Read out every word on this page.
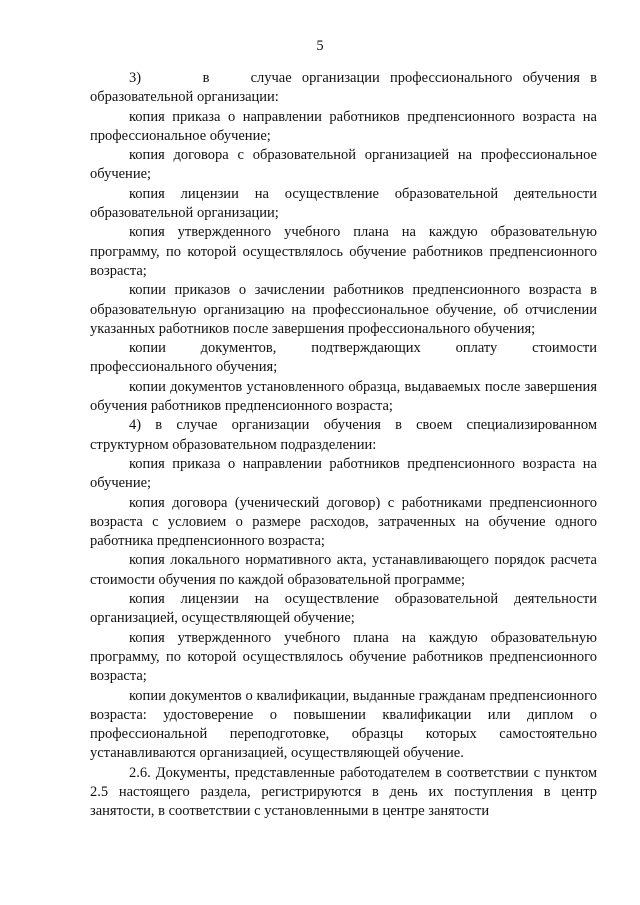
5

3)      в    случае организации профессионального обучения в образовательной организации:

копия приказа о направлении работников предпенсионного возраста на профессиональное обучение;

копия договора с образовательной организацией на профессиональное обучение;

копия лицензии на осуществление образовательной деятельности образовательной организации;

копия утвержденного учебного плана на каждую образовательную программу, по которой осуществлялось обучение работников предпенсионного возраста;

копии приказов о зачислении работников предпенсионного возраста в образовательную организацию на профессиональное обучение, об отчислении указанных работников после завершения профессионального обучения;

копии документов, подтверждающих оплату стоимости профессионального обучения;

копии документов установленного образца, выдаваемых после завершения обучения работников предпенсионного возраста;

4) в случае организации обучения в своем специализированном структурном образовательном подразделении:

копия приказа о направлении работников предпенсионного возраста на обучение;

копия договора (ученический договор) с работниками предпенсионного возраста с условием о размере расходов, затраченных на обучение одного работника предпенсионного возраста;

копия локального нормативного акта, устанавливающего порядок расчета стоимости обучения по каждой образовательной программе;

копия лицензии на осуществление образовательной деятельности организацией, осуществляющей обучение;

копия утвержденного учебного плана на каждую образовательную программу, по которой осуществлялось обучение работников предпенсионного возраста;

копии документов о квалификации, выданные гражданам предпенсионного возраста: удостоверение о повышении квалификации или диплом о профессиональной переподготовке, образцы которых самостоятельно устанавливаются организацией, осуществляющей обучение.

2.6. Документы, представленные работодателем в соответствии с пунктом 2.5 настоящего раздела, регистрируются в день их поступления в центр занятости, в соответствии с установленными в центре занятости
